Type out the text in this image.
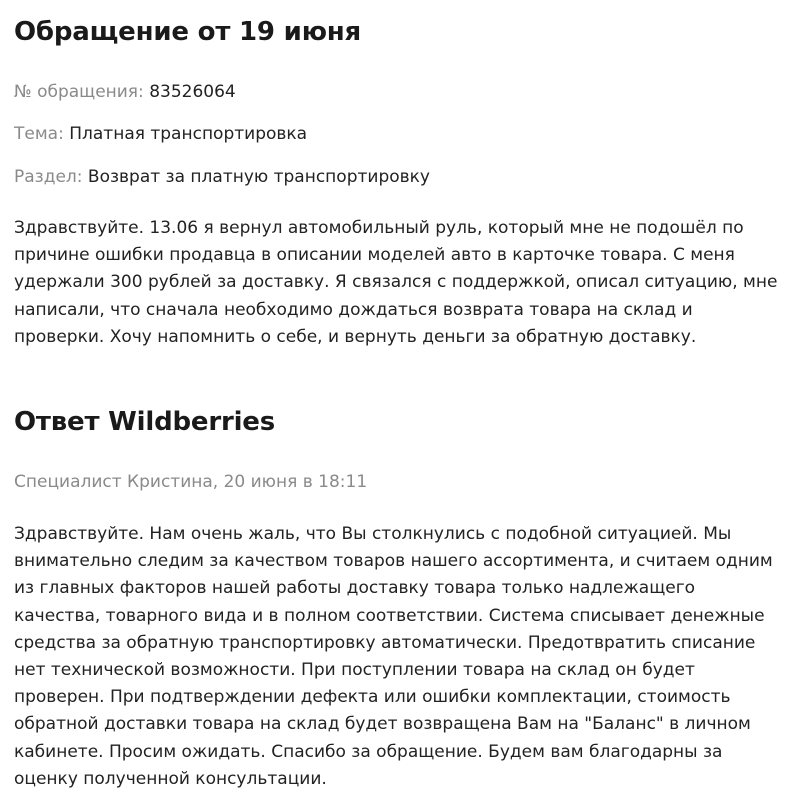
Обращение от 19 июня
№ обращения: 83526064
Тема: Платная транспортировка
Раздел: Возврат за платную транспортировку

Здравствуйте. 13.06 я вернул автомобильный руль, который мне не подошёл по причине ошибки продавца в описании моделей авто в карточке товара. С меня удержали 300 рублей за доставку. Я связался с поддержкой, описал ситуацию, мне написали, что сначала необходимо дождаться возврата товара на склад и проверки. Хочу напомнить о себе, и вернуть деньги за обратную доставку.

Ответ Wildberries
Специалист Кристина, 20 июня в 18:11

Здравствуйте. Нам очень жаль, что Вы столкнулись с подобной ситуацией. Мы внимательно следим за качеством товаров нашего ассортимента, и считаем одним из главных факторов нашей работы доставку товара только надлежащего качества, товарного вида и в полном соответствии. Система списывает денежные средства за обратную транспортировку автоматически. Предотвратить списание нет технической возможности. При поступлении товара на склад он будет проверен. При подтверждении дефекта или ошибки комплектации, стоимость обратной доставки товара на склад будет возвращена Вам на "Баланс" в личном кабинете. Просим ожидать. Спасибо за обращение. Будем вам благодарны за оценку полученной консультации.
